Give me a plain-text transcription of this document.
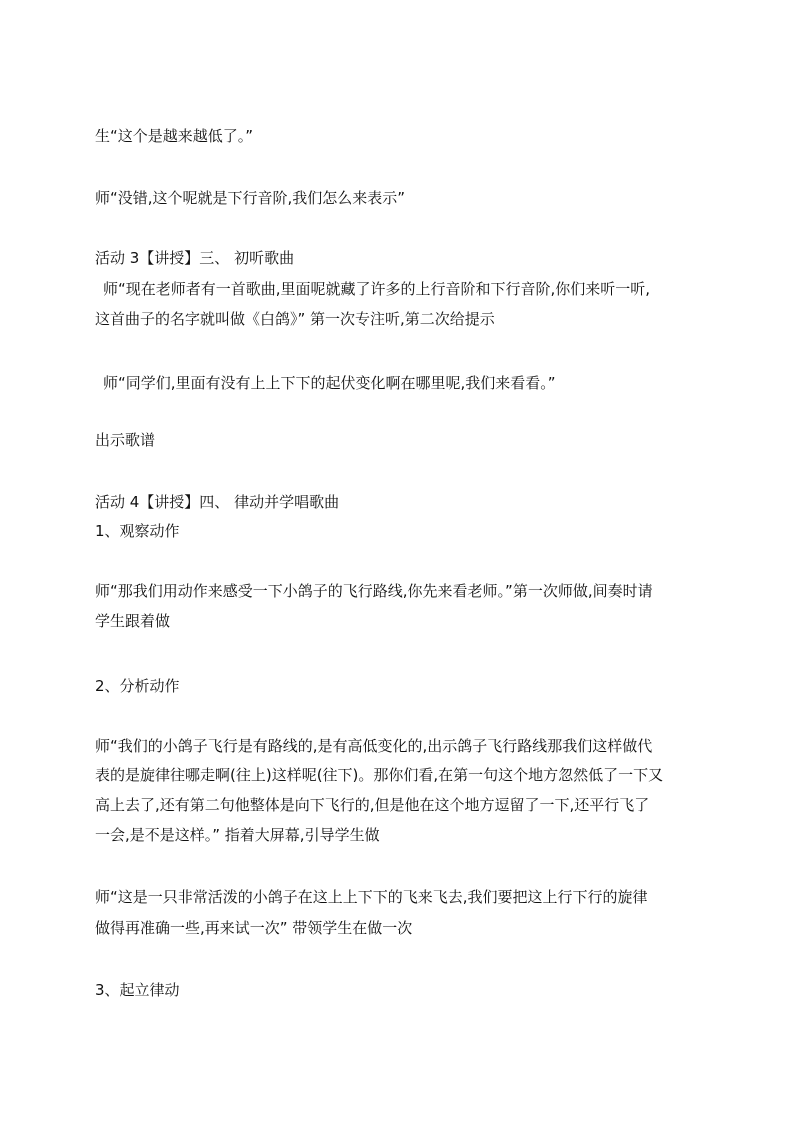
生“这个是越来越低了。”
师“没错,这个呢就是下行音阶,我们怎么来表示”
活动 3【讲授】三、 初听歌曲
师“现在老师者有一首歌曲,里面呢就藏了许多的上行音阶和下行音阶,你们来听一听,
这首曲子的名字就叫做《白鸽》” 第一次专注听,第二次给提示
师“同学们,里面有没有上上下下的起伏变化啊在哪里呢,我们来看看。”
出示歌谱
活动 4【讲授】四、 律动并学唱歌曲
1、观察动作
师“那我们用动作来感受一下小鸽子的飞行路线,你先来看老师。”第一次师做,间奏时请
学生跟着做
2、分析动作
师“我们的小鸽子飞行是有路线的,是有高低变化的,出示鸽子飞行路线那我们这样做代
表的是旋律往哪走啊(往上)这样呢(往下)。那你们看,在第一句这个地方忽然低了一下又
高上去了,还有第二句他整体是向下飞行的,但是他在这个地方逗留了一下,还平行飞了
一会,是不是这样。” 指着大屏幕,引导学生做
师“这是一只非常活泼的小鸽子在这上上下下的飞来飞去,我们要把这上行下行的旋律
做得再准确一些,再来试一次” 带领学生在做一次
3、起立律动
